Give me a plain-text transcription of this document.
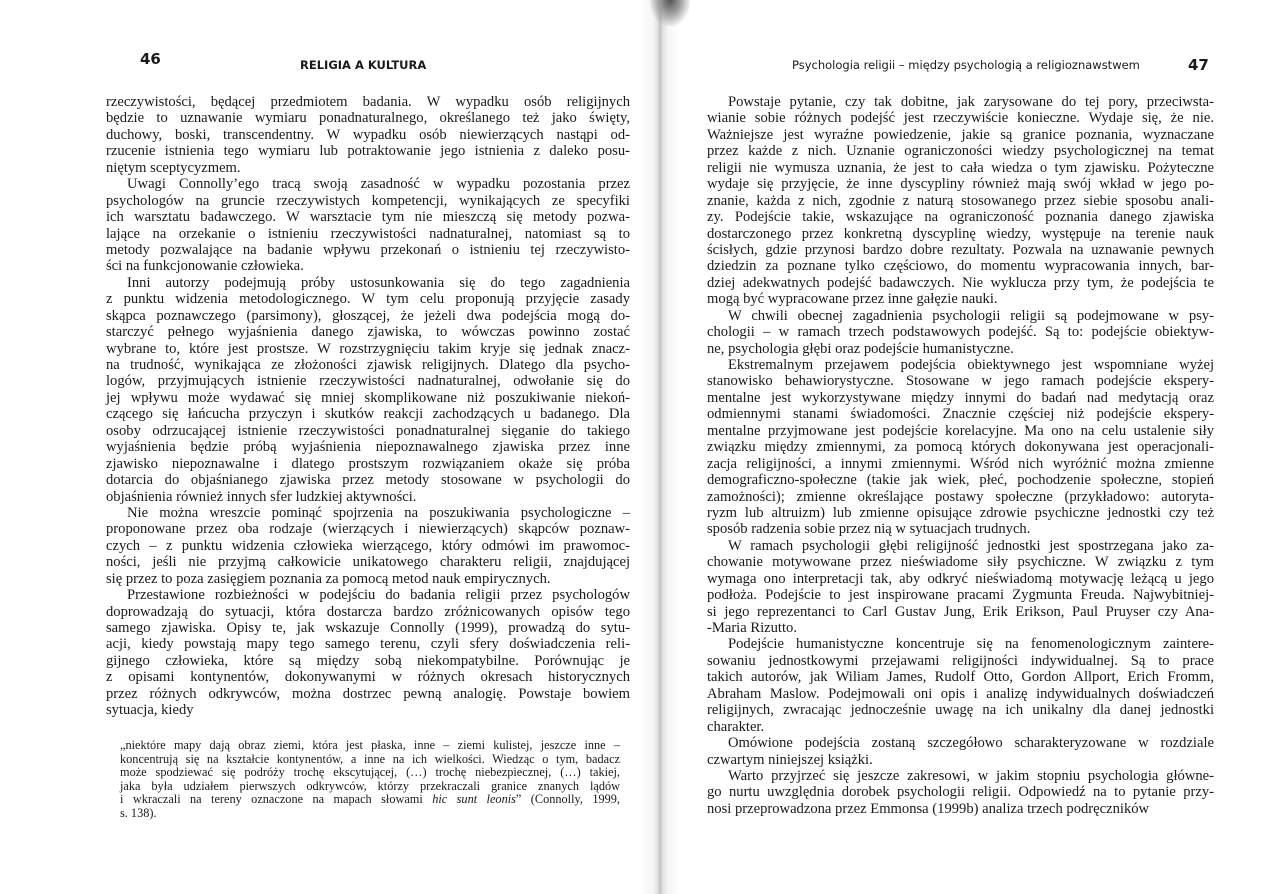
46	RELIGIA A KULTURA
rzeczywistości, będącej przedmiotem badania. W wypadku osób religijnych
będzie to uznawanie wymiaru ponadnaturalnego, określanego też jako święty,
duchowy, boski, transcendentny. W wypadku osób niewierzących nastąpi od-
rzucenie istnienia tego wymiaru lub potraktowanie jego istnienia z daleko posu-
niętym sceptycyzmem.
Uwagi Connolly’ego tracą swoją zasadność w wypadku pozostania przez
psychologów na gruncie rzeczywistych kompetencji, wynikających ze specyfiki
ich warsztatu badawczego. W warsztacie tym nie mieszczą się metody pozwa-
lające na orzekanie o istnieniu rzeczywistości nadnaturalnej, natomiast są to
metody pozwalające na badanie wpływu przekonań o istnieniu tej rzeczywisto-
ści na funkcjonowanie człowieka.
Inni autorzy podejmują próby ustosunkowania się do tego zagadnienia
z punktu widzenia metodologicznego. W tym celu proponują przyjęcie zasady
skąpca poznawczego (parsimony), głoszącej, że jeżeli dwa podejścia mogą do-
starczyć pełnego wyjaśnienia danego zjawiska, to wówczas powinno zostać
wybrane to, które jest prostsze. W rozstrzygnięciu takim kryje się jednak znacz-
na trudność, wynikająca ze złożoności zjawisk religijnych. Dlatego dla psycho-
logów, przyjmujących istnienie rzeczywistości nadnaturalnej, odwołanie się do
jej wpływu może wydawać się mniej skomplikowane niż poszukiwanie niekoń-
czącego się łańcucha przyczyn i skutków reakcji zachodzących u badanego. Dla
osoby odrzucającej istnienie rzeczywistości ponadnaturalnej sięganie do takiego
wyjaśnienia będzie próbą wyjaśnienia niepoznawalnego zjawiska przez inne
zjawisko niepoznawalne i dlatego prostszym rozwiązaniem okaże się próba
dotarcia do objaśnianego zjawiska przez metody stosowane w psychologii do
objaśnienia również innych sfer ludzkiej aktywności.
Nie można wreszcie pominąć spojrzenia na poszukiwania psychologiczne –
proponowane przez oba rodzaje (wierzących i niewierzących) skąpców poznaw-
czych – z punktu widzenia człowieka wierzącego, który odmówi im prawomoc-
ności, jeśli nie przyjmą całkowicie unikatowego charakteru religii, znajdującej
się przez to poza zasięgiem poznania za pomocą metod nauk empirycznych.
Przestawione rozbieżności w podejściu do badania religii przez psychologów
doprowadzają do sytuacji, która dostarcza bardzo zróżnicowanych opisów tego
samego zjawiska. Opisy te, jak wskazuje Connolly (1999), prowadzą do sytu-
acji, kiedy powstają mapy tego samego terenu, czyli sfery doświadczenia reli-
gijnego człowieka, które są między sobą niekompatybilne. Porównując je
z opisami kontynentów, dokonywanymi w różnych okresach historycznych
przez różnych odkrywców, można dostrzec pewną analogię. Powstaje bowiem
sytuacja, kiedy
„niektóre mapy dają obraz ziemi, która jest płaska, inne – ziemi kulistej, jeszcze inne –
koncentrują się na kształcie kontynentów, a inne na ich wielkości. Wiedząc o tym, badacz
może spodziewać się podróży trochę ekscytującej, (…) trochę niebezpiecznej, (…) takiej,
jaka była udziałem pierwszych odkrywców, którzy przekraczali granice znanych lądów
i wkraczali na tereny oznaczone na mapach słowami hic sunt leonis” (Connolly, 1999,
s. 138).
Psychologia religii – między psychologią a religioznawstwem	47
Powstaje pytanie, czy tak dobitne, jak zarysowane do tej pory, przeciwsta-
wianie sobie różnych podejść jest rzeczywiście konieczne. Wydaje się, że nie.
Ważniejsze jest wyraźne powiedzenie, jakie są granice poznania, wyznaczane
przez każde z nich. Uznanie ograniczoności wiedzy psychologicznej na temat
religii nie wymusza uznania, że jest to cała wiedza o tym zjawisku. Pożyteczne
wydaje się przyjęcie, że inne dyscypliny również mają swój wkład w jego po-
znanie, każda z nich, zgodnie z naturą stosowanego przez siebie sposobu anali-
zy. Podejście takie, wskazujące na ograniczoność poznania danego zjawiska
dostarczonego przez konkretną dyscyplinę wiedzy, występuje na terenie nauk
ścisłych, gdzie przynosi bardzo dobre rezultaty. Pozwala na uznawanie pewnych
dziedzin za poznane tylko częściowo, do momentu wypracowania innych, bar-
dziej adekwatnych podejść badawczych. Nie wyklucza przy tym, że podejścia te
mogą być wypracowane przez inne gałęzie nauki.
W chwili obecnej zagadnienia psychologii religii są podejmowane w psy-
chologii – w ramach trzech podstawowych podejść. Są to: podejście obiektyw-
ne, psychologia głębi oraz podejście humanistyczne.
Ekstremalnym przejawem podejścia obiektywnego jest wspomniane wyżej
stanowisko behawiorystyczne. Stosowane w jego ramach podejście ekspery-
mentalne jest wykorzystywane między innymi do badań nad medytacją oraz
odmiennymi stanami świadomości. Znacznie częściej niż podejście ekspery-
mentalne przyjmowane jest podejście korelacyjne. Ma ono na celu ustalenie siły
związku między zmiennymi, za pomocą których dokonywana jest operacjonali-
zacja religijności, a innymi zmiennymi. Wśród nich wyróżnić można zmienne
demograficzno-społeczne (takie jak wiek, płeć, pochodzenie społeczne, stopień
zamożności); zmienne określające postawy społeczne (przykładowo: autoryta-
ryzm lub altruizm) lub zmienne opisujące zdrowie psychiczne jednostki czy też
sposób radzenia sobie przez nią w sytuacjach trudnych.
W ramach psychologii głębi religijność jednostki jest spostrzegana jako za-
chowanie motywowane przez nieświadome siły psychiczne. W związku z tym
wymaga ono interpretacji tak, aby odkryć nieświadomą motywację leżącą u jego
podłoża. Podejście to jest inspirowane pracami Zygmunta Freuda. Najwybitniej-
si jego reprezentanci to Carl Gustav Jung, Erik Erikson, Paul Pruyser czy Ana-
-Maria Rizutto.
Podejście humanistyczne koncentruje się na fenomenologicznym zaintere-
sowaniu jednostkowymi przejawami religijności indywidualnej. Są to prace
takich autorów, jak Wiliam James, Rudolf Otto, Gordon Allport, Erich Fromm,
Abraham Maslow. Podejmowali oni opis i analizę indywidualnych doświadczeń
religijnych, zwracając jednocześnie uwagę na ich unikalny dla danej jednostki
charakter.
Omówione podejścia zostaną szczegółowo scharakteryzowane w rozdziale
czwartym niniejszej książki.
Warto przyjrzeć się jeszcze zakresowi, w jakim stopniu psychologia główne-
go nurtu uwzględnia dorobek psychologii religii. Odpowiedź na to pytanie przy-
nosi przeprowadzona przez Emmonsa (1999b) analiza trzech podręczników
